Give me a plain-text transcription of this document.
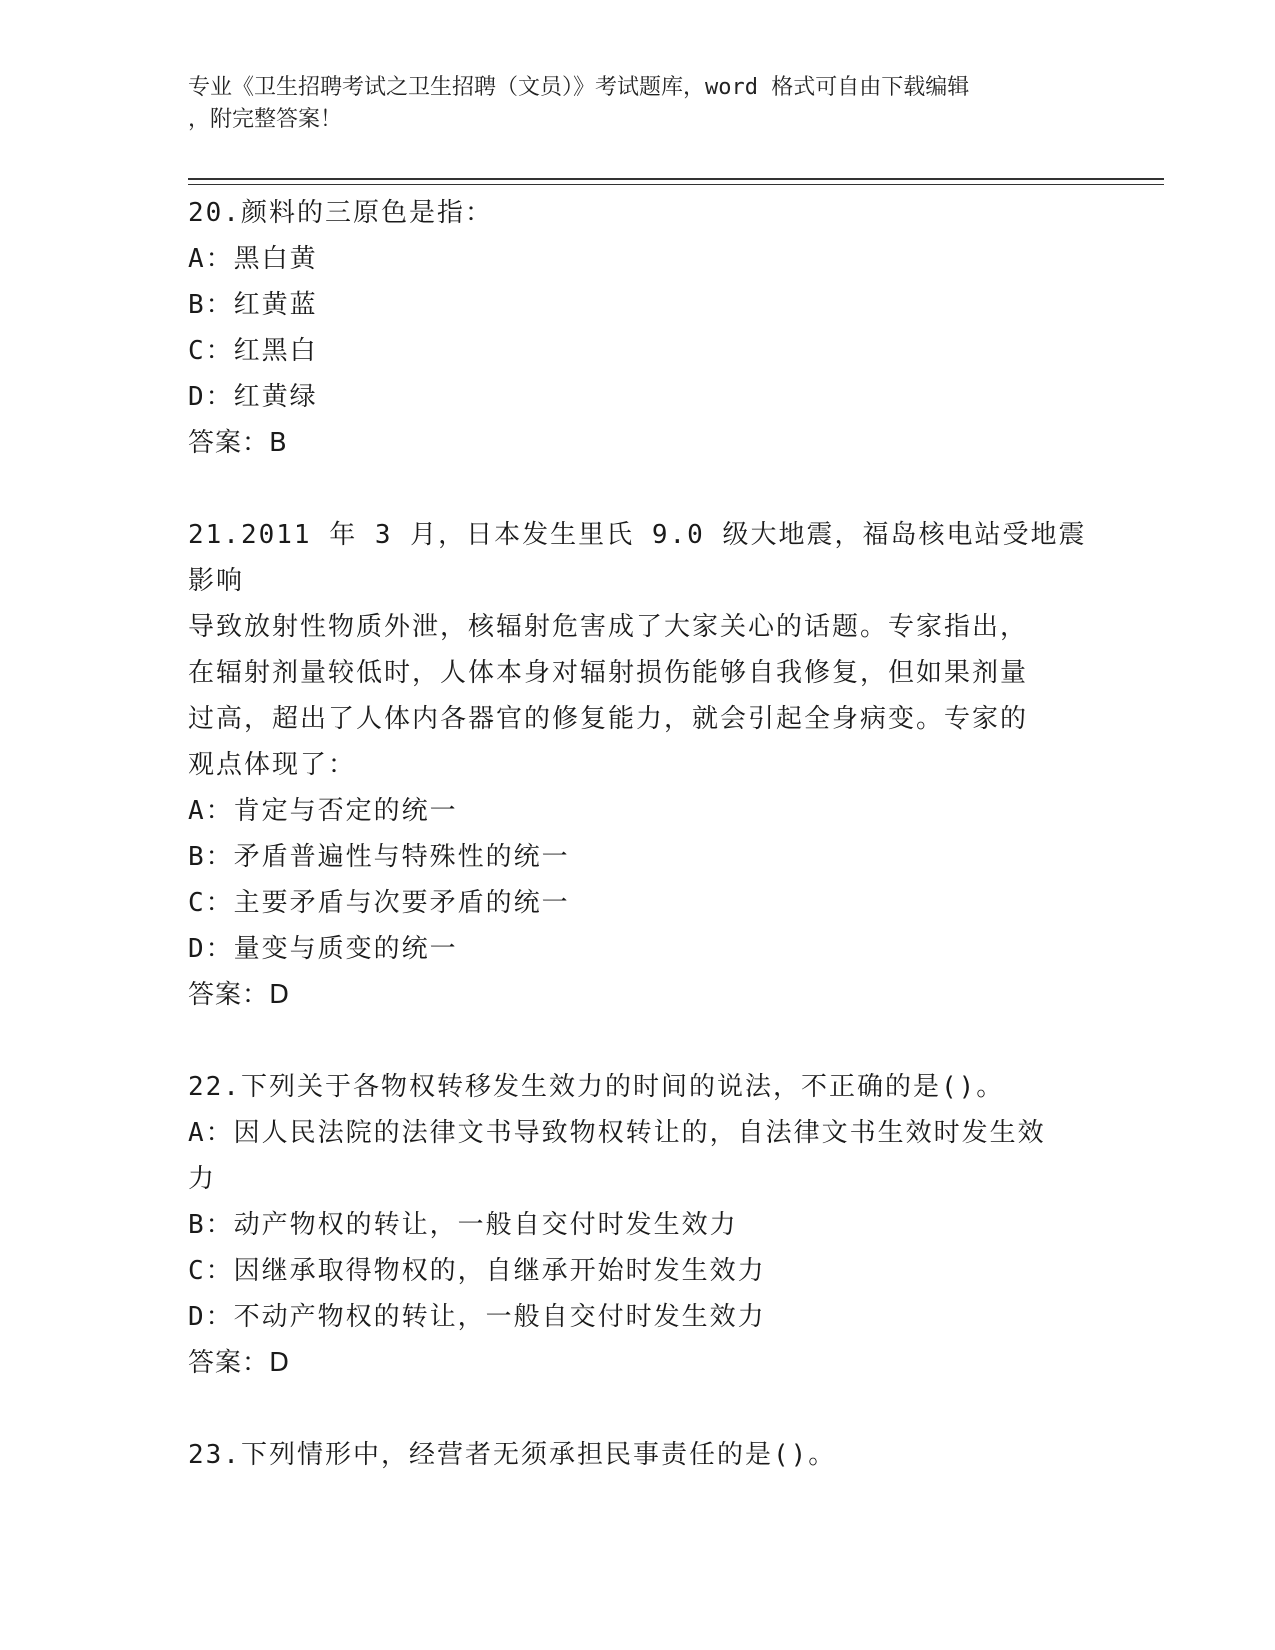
专业《卫生招聘考试之卫生招聘（文员）》考试题库，word 格式可自由下载编辑
，附完整答案！
20.颜料的三原色是指：
A：黑白黄
B：红黄蓝
C：红黑白
D：红黄绿
答案：B
21.2011 年 3 月，日本发生里氏 9.0 级大地震，福岛核电站受地震影响
导致放射性物质外泄，核辐射危害成了大家关心的话题。专家指出，
在辐射剂量较低时，人体本身对辐射损伤能够自我修复，但如果剂量
过高，超出了人体内各器官的修复能力，就会引起全身病变。专家的
观点体现了：
A：肯定与否定的统一
B：矛盾普遍性与特殊性的统一
C：主要矛盾与次要矛盾的统一
D：量变与质变的统一
答案：D
22.下列关于各物权转移发生效力的时间的说法，不正确的是()。
A：因人民法院的法律文书导致物权转让的，自法律文书生效时发生效
力
B：动产物权的转让，一般自交付时发生效力
C：因继承取得物权的，自继承开始时发生效力
D：不动产物权的转让，一般自交付时发生效力
答案：D
23.下列情形中，经营者无须承担民事责任的是()。
